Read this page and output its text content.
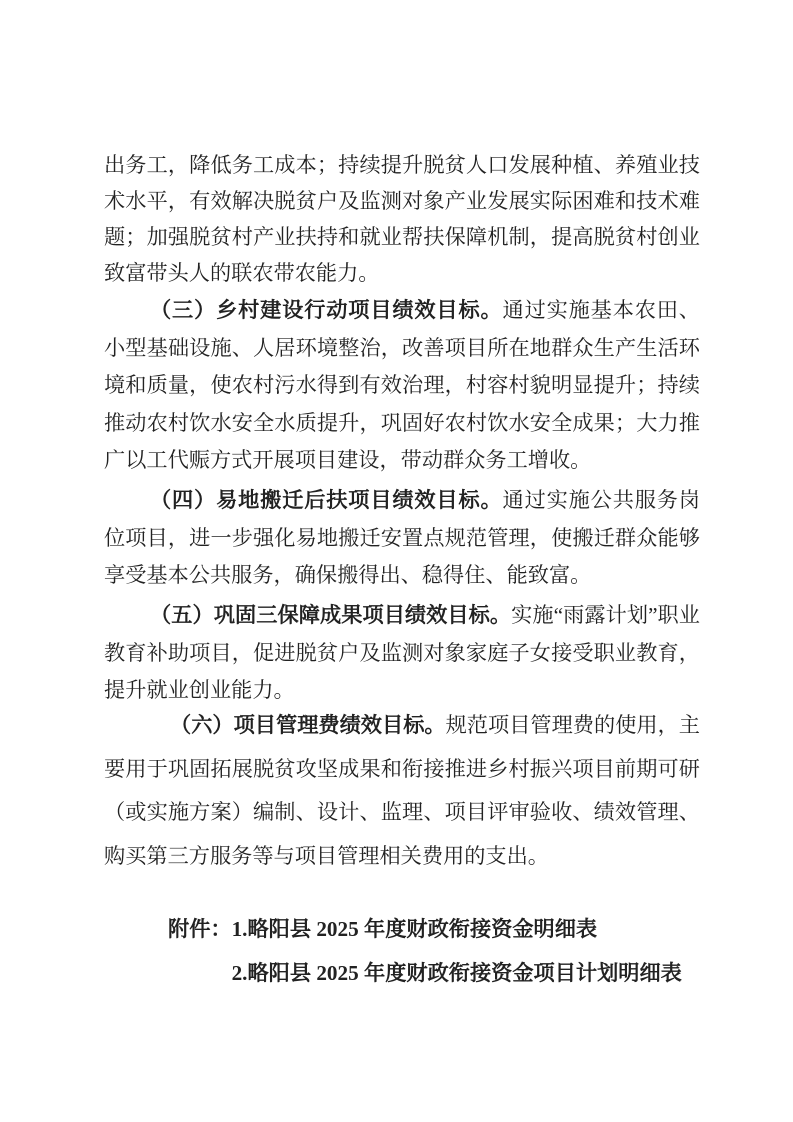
出务工，降低务工成本；持续提升脱贫人口发展种植、养殖业技术水平，有效解决脱贫户及监测对象产业发展实际困难和技术难题；加强脱贫村产业扶持和就业帮扶保障机制，提高脱贫村创业致富带头人的联农带农能力。

（三）乡村建设行动项目绩效目标。通过实施基本农田、小型基础设施、人居环境整治，改善项目所在地群众生产生活环境和质量，使农村污水得到有效治理，村容村貌明显提升；持续推动农村饮水安全水质提升，巩固好农村饮水安全成果；大力推广以工代赈方式开展项目建设，带动群众务工增收。

（四）易地搬迁后扶项目绩效目标。通过实施公共服务岗位项目，进一步强化易地搬迁安置点规范管理，使搬迁群众能够享受基本公共服务，确保搬得出、稳得住、能致富。

（五）巩固三保障成果项目绩效目标。实施“雨露计划”职业教育补助项目，促进脱贫户及监测对象家庭子女接受职业教育，提升就业创业能力。

（六）项目管理费绩效目标。规范项目管理费的使用，主要用于巩固拓展脱贫攻坚成果和衔接推进乡村振兴项目前期可研（或实施方案）编制、设计、监理、项目评审验收、绩效管理、购买第三方服务等与项目管理相关费用的支出。

附件： 1.略阳县 2025 年度财政衔接资金明细表
2.略阳县 2025 年度财政衔接资金项目计划明细表
